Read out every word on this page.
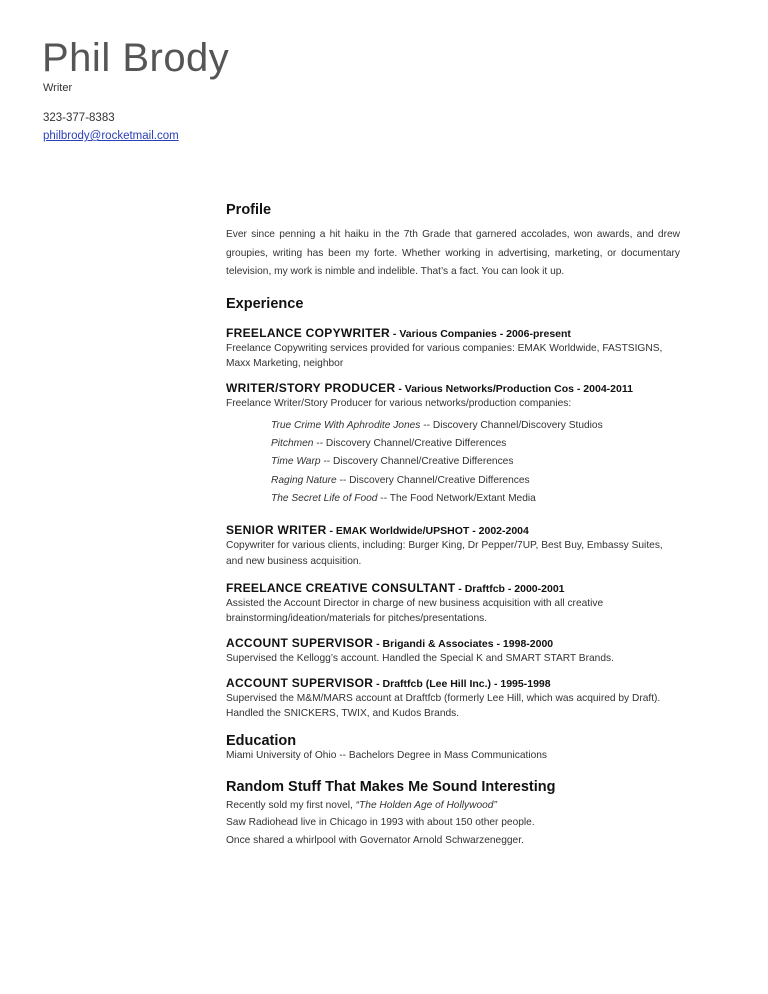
Phil Brody
Writer
323-377-8383
philbrody@rocketmail.com
Profile

Ever since penning a hit haiku in the 7th Grade that garnered accolades, won awards, and drew groupies, writing has been my forte. Whether working in advertising, marketing, or documentary television, my work is nimble and indelible. That’s a fact. You can look it up.

Experience
FREELANCE COPYWRITER - Various Companies - 2006-present

Freelance Copywriting services provided for various companies: EMAK Worldwide, FASTSIGNS, Maxx Marketing, neighbor

WRITER/STORY PRODUCER - Various Networks/Production Cos - 2004-2011

Freelance Writer/Story Producer for various networks/production companies:

True Crime With Aphrodite Jones -- Discovery Channel/Discovery Studios
Pitchmen -- Discovery Channel/Creative Differences
Time Warp -- Discovery Channel/Creative Differences
Raging Nature -- Discovery Channel/Creative Differences
The Secret Life of Food -- The Food Network/Extant Media
SENIOR WRITER - EMAK Worldwide/UPSHOT - 2002-2004

Copywriter for various clients, including: Burger King, Dr Pepper/7UP, Best Buy, Embassy Suites, and new business acquisition.

FREELANCE CREATIVE CONSULTANT - Draftfcb - 2000-2001

Assisted the Account Director in charge of new business acquisition with all creative brainstorming/ideation/materials for pitches/presentations.

ACCOUNT SUPERVISOR - Brigandi & Associates - 1998-2000

Supervised the Kellogg’s account. Handled the Special K and SMART START Brands.

ACCOUNT SUPERVISOR - Draftfcb (Lee Hill Inc.) - 1995-1998

Supervised the M&M/MARS account at Draftfcb (formerly Lee Hill, which was acquired by Draft). Handled the SNICKERS, TWIX, and Kudos Brands.

Education

Miami University of Ohio -- Bachelors Degree in Mass Communications

Random Stuff That Makes Me Sound Interesting
Recently sold my first novel, “The Holden Age of Hollywood”
Saw Radiohead live in Chicago in 1993 with about 150 other people.
Once shared a whirlpool with Governator Arnold Schwarzenegger.
